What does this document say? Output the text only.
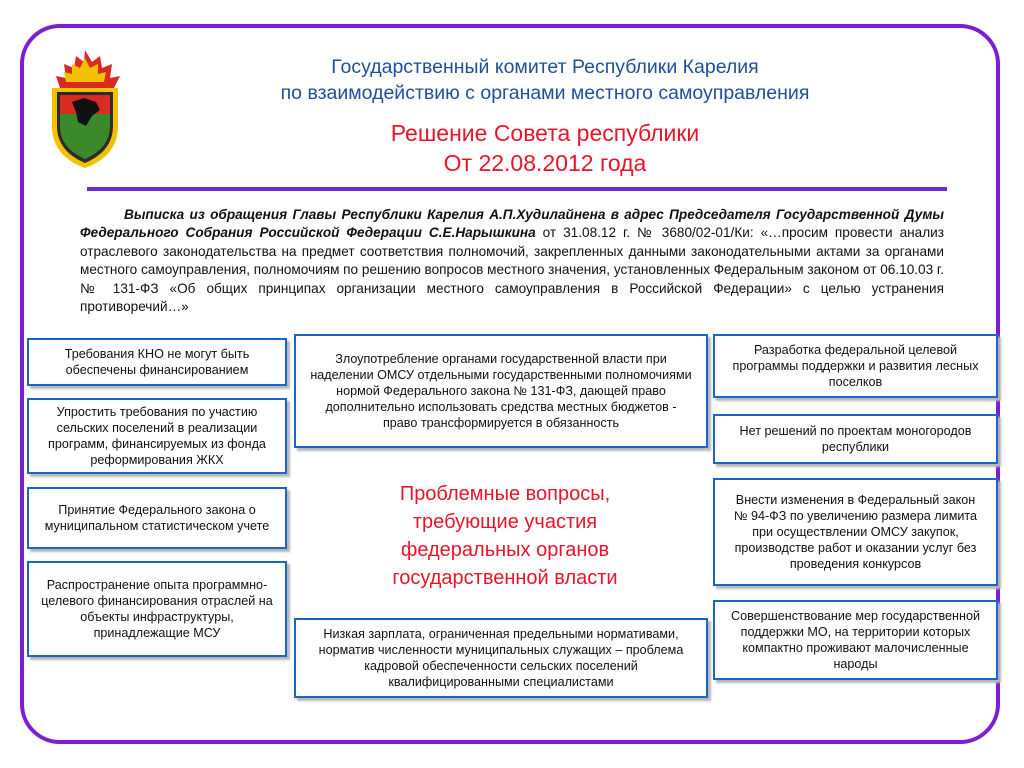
Государственный комитет Республики Карелия
по взаимодействию с органами местного самоуправления
Решение Совета республики
От 22.08.2012 года
Выписка из обращения Главы Республики Карелия А.П.Худилайнена в адрес Председателя Государственной Думы Федерального Собрания Российской Федерации С.Е.Нарышкина от 31.08.12 г. № 3680/02-01/Ки: «…просим провести анализ отраслевого законодательства на предмет соответствия полномочий, закрепленных данными законодательными актами за органами местного самоуправления, полномочиям по решению вопросов местного значения, установленных Федеральным законом от 06.10.03 г. № 131-ФЗ «Об общих принципах организации местного самоуправления в Российской Федерации» с целью устранения противоречий…»
Требования КНО не могут быть обеспечены финансированием
Упростить требования по участию сельских поселений в реализации программ, финансируемых из фонда реформирования ЖКХ
Принятие Федерального закона о муниципальном статистическом учете
Распространение опыта программно-целевого финансирования отраслей на объекты инфраструктуры, принадлежащие МСУ
Злоупотребление органами государственной власти при наделении ОМСУ отдельными государственными полномочиями нормой Федерального закона № 131-ФЗ, дающей право дополнительно использовать средства местных бюджетов - право трансформируется в обязанность
Проблемные вопросы, требующие участия федеральных органов государственной власти
Низкая зарплата, ограниченная предельными нормативами, норматив численности муниципальных служащих – проблема кадровой обеспеченности сельских поселений квалифицированными специалистами
Разработка федеральной целевой программы поддержки и развития лесных поселков
Нет решений по проектам моногородов республики
Внести изменения в Федеральный закон № 94-ФЗ по увеличению размера лимита при осуществлении ОМСУ закупок, производстве работ и оказании услуг без проведения конкурсов
Совершенствование мер государственной поддержки МО, на территории которых компактно проживают малочисленные народы
